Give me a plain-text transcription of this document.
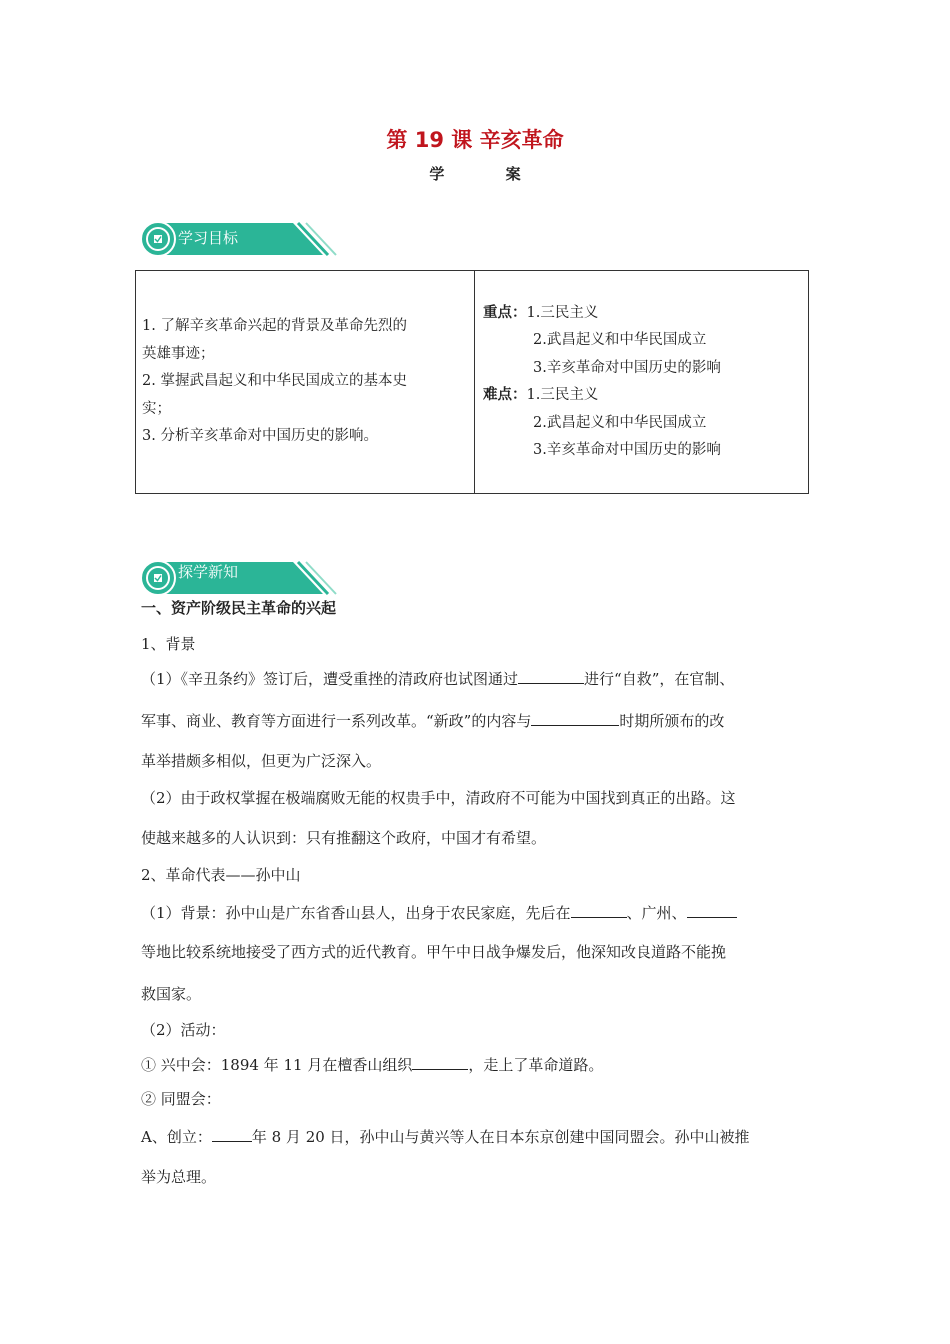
第 19 课 辛亥革命
学 案
学习目标
1. 了解辛亥革命兴起的背景及革命先烈的
英雄事迹；
2. 掌握武昌起义和中华民国成立的基本史
实；
3. 分析辛亥革命对中国历史的影响。

重点：1.三民主义
2.武昌起义和中华民国成立
3.辛亥革命对中国历史的影响
难点：1.三民主义
2.武昌起义和中华民国成立
3.辛亥革命对中国历史的影响
探学新知
一、资产阶级民主革命的兴起
1、背景
（1）《辛丑条约》签订后，遭受重挫的清政府也试图通过	进行“自救”，在官制、
军事、商业、教育等方面进行一系列改革。“新政”的内容与	时期所颁布的改
革举措颇多相似，但更为广泛深入。
（2）由于政权掌握在极端腐败无能的权贵手中，清政府不可能为中国找到真正的出路。这
使越来越多的人认识到：只有推翻这个政府，中国才有希望。
2、革命代表——孙中山
（1）背景：孙中山是广东省香山县人，出身于农民家庭，先后在	、广州、
等地比较系统地接受了西方式的近代教育。甲午中日战争爆发后，他深知改良道路不能挽
救国家。
（2）活动：
① 兴中会：1894 年 11 月在檀香山组织	，走上了革命道路。
② 同盟会：
A、创立：	年 8 月 20 日，孙中山与黄兴等人在日本东京创建中国同盟会。孙中山被推
举为总理。
